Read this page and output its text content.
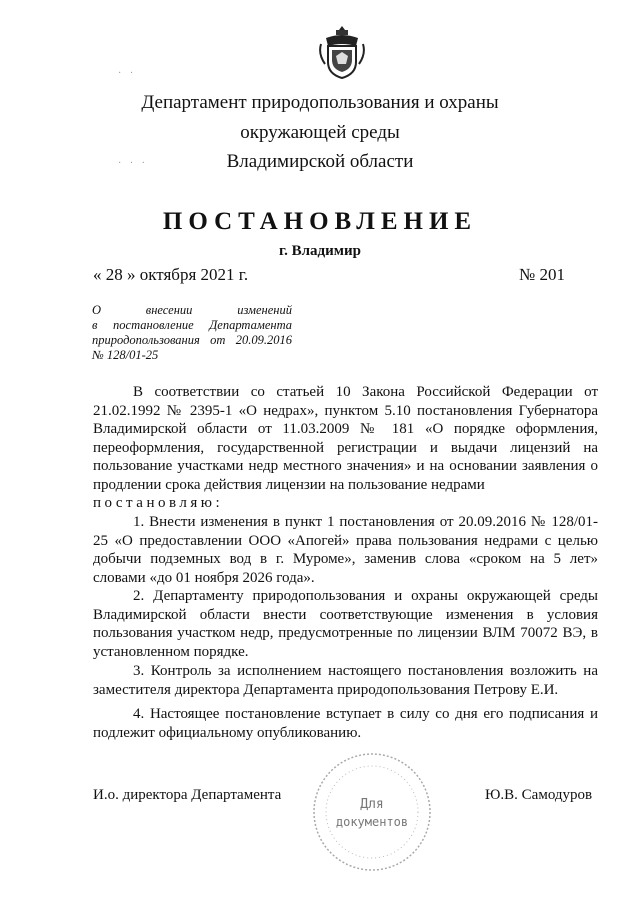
· ·
· · ·
Департамент природопользования и охраны
окружающей среды
Владимирской области
ПОСТАНОВЛЕНИЕ
г. Владимир
« 28 » октября 2021 г.	№ 201
О внесении изменений
в постановление Департамента
природопользования от 20.09.2016
№ 128/01-25

В соответствии со статьей 10 Закона Российской Федерации от 21.02.1992 № 2395-1 «О недрах», пунктом 5.10 постановления Губернатора Владимирской области от 11.03.2009 № 181 «О порядке оформления, переоформления, государственной регистрации и выдачи лицензий на пользование участками недр местного значения» и на основании заявления о продлении срока действия лицензии на пользование недрами

постановляю:

1. Внести изменения в пункт 1 постановления от 20.09.2016 № 128/01-25 «О предоставлении ООО «Апогей» права пользования недрами с целью добычи подземных вод в г. Муроме», заменив слова «сроком на 5 лет» словами «до 01 ноября 2026 года».

2. Департаменту природопользования и охраны окружающей среды Владимирской области внести соответствующие изменения в условия пользования участком недр, предусмотренные по лицензии ВЛМ 70072 ВЭ, в установленном порядке.

3. Контроль за исполнением настоящего постановления возложить на заместителя директора Департамента природопользования Петрову Е.И.

4. Настоящее постановление вступает в силу со дня его подписания и подлежит официальному опубликованию.

Для
документов
И.о. директора Департамента	Ю.В. Самодуров
